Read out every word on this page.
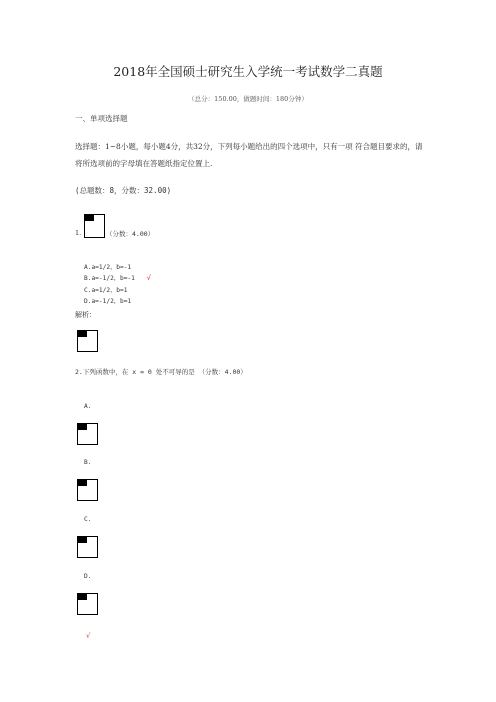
2018年全国硕士研究生入学统一考试数学二真题
（总分：150.00，做题时间：180分钟）
一、单项选择题
选择题：1~8小题，每小题4分，共32分，下列每小题给出的四个选项中，只有一项 符合题目要求的，请将所选项前的字母填在答题纸指定位置上.
(总题数：8，分数：32.00)
1.	（分数：4.00）
A.a=1/2，b=-1
B.a=-1/2，b=-1 √
C.a=1/2，b=1
D.a=-1/2，b=1
解析：
2.下列函数中，在 x = 0 处不可导的是 （分数：4.00）
A.
B.
C.
D.
√
